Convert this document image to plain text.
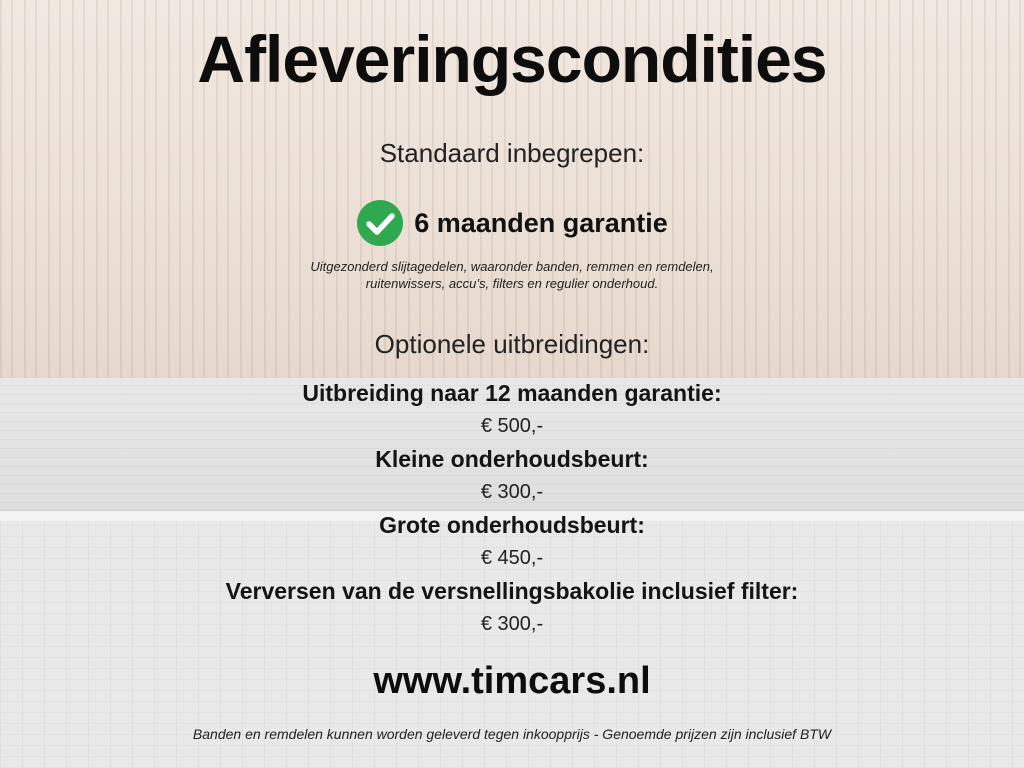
Afleveringscondities
Standaard inbegrepen:
6 maanden garantie
Uitgezonderd slijtagedelen, waaronder banden, remmen en remdelen,
ruitenwissers, accu’s, filters en regulier onderhoud.
Optionele uitbreidingen:
Uitbreiding naar 12 maanden garantie:
€ 500,-
Kleine onderhoudsbeurt:
€ 300,-
Grote onderhoudsbeurt:
€ 450,-
Verversen van de versnellingsbakolie inclusief filter:
€ 300,-
www.timcars.nl
Banden en remdelen kunnen worden geleverd tegen inkoopprijs - Genoemde prijzen zijn inclusief BTW
